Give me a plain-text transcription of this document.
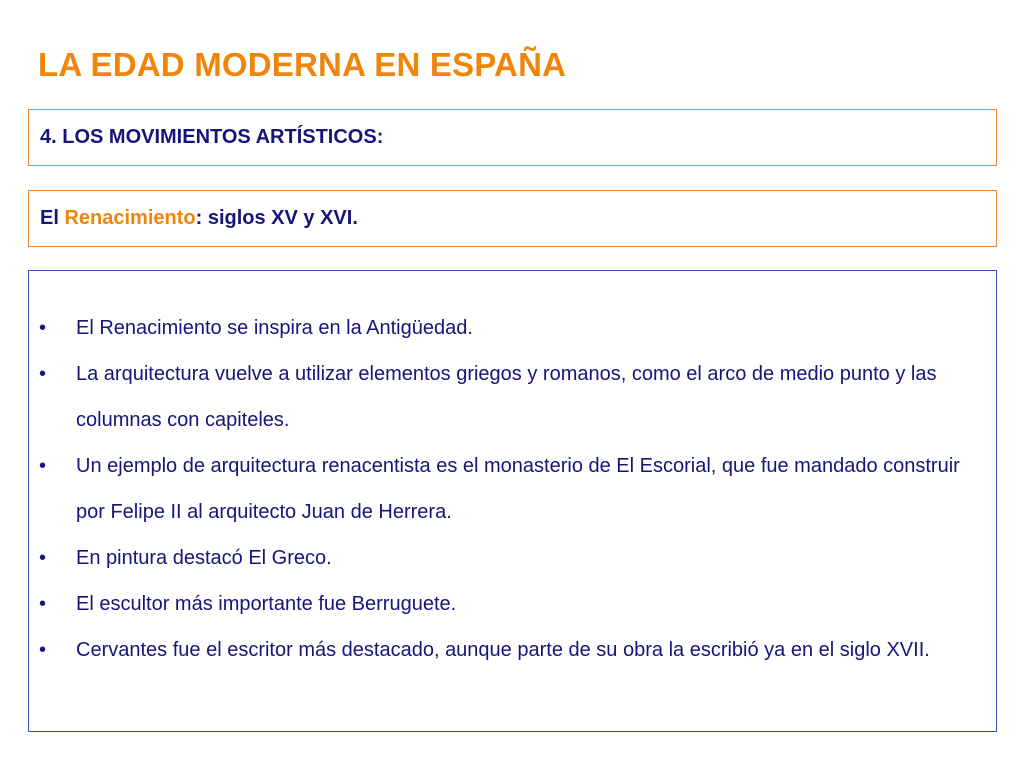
LA EDAD MODERNA EN ESPAÑA
4. LOS MOVIMIENTOS ARTÍSTICOS:
El Renacimiento: siglos XV y XVI.
•	El Renacimiento se inspira en la Antigüedad.
•	La arquitectura vuelve a utilizar elementos griegos y romanos, como el arco de medio punto y las columnas con capiteles.
•	Un ejemplo de arquitectura renacentista es el monasterio de El Escorial, que fue mandado construir por Felipe II al arquitecto Juan de Herrera.
•	En pintura destacó El Greco.
•	El escultor más importante fue Berruguete.
•	Cervantes fue el escritor más destacado, aunque parte de su obra la escribió ya en el siglo XVII.
